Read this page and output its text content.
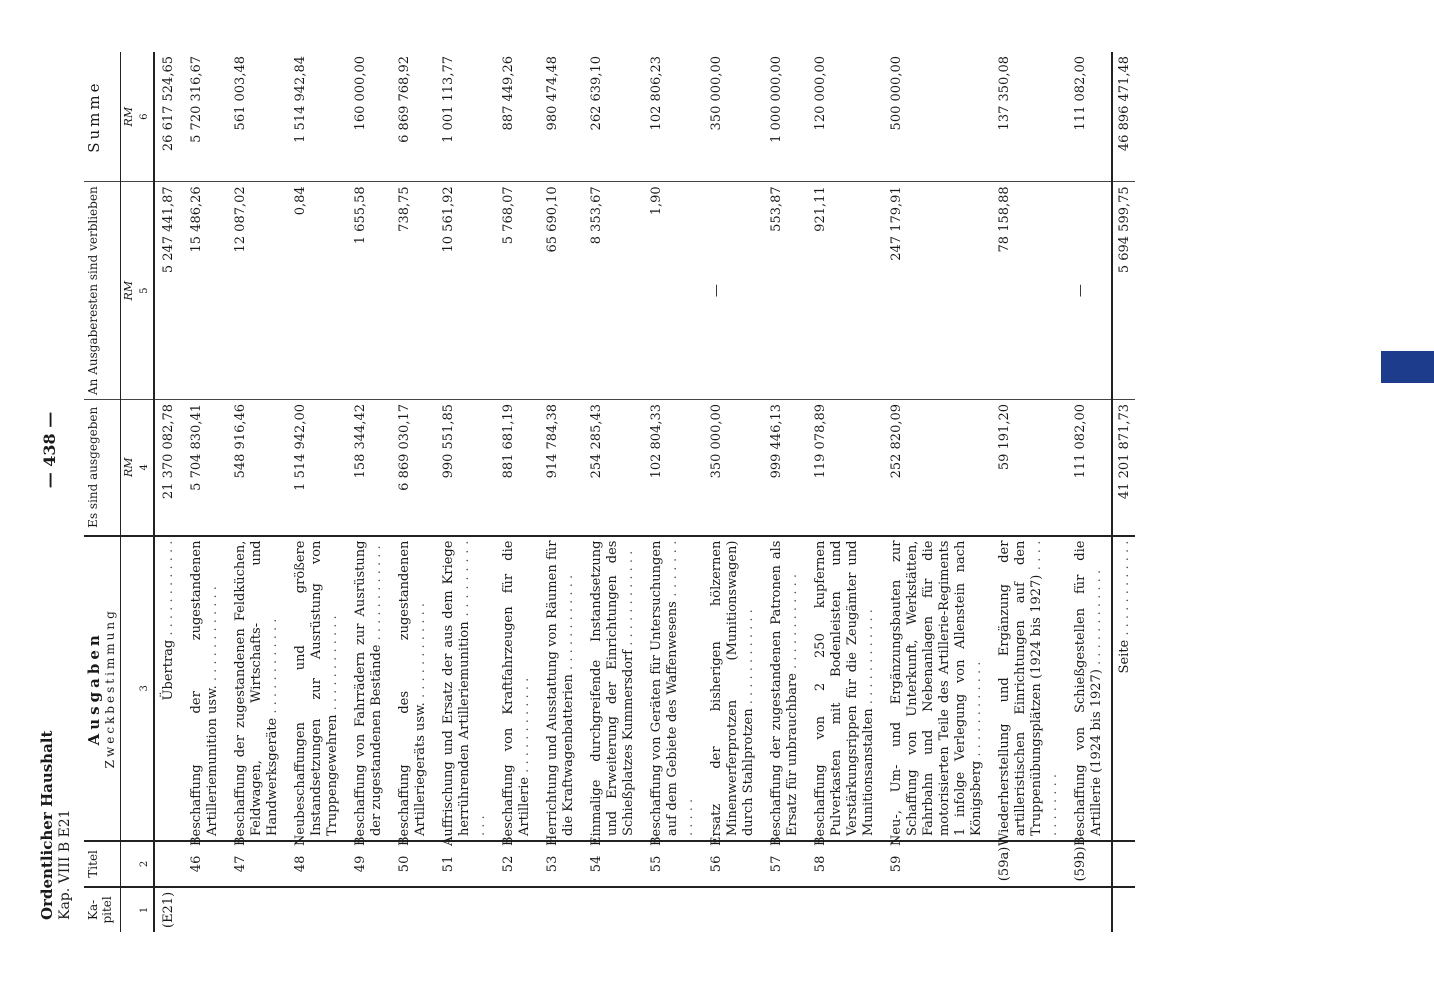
Ordentlicher Haushalt Kap. VIII B E21
— 438 —
Ka-pitel	Titel	Ausgaben Zweckbestimmung	Es sind ausgegeben	An Ausgaberesten sind verblieben	Summe
			RM	RM	RM
1	2	3	4	5	6
(E21)		Übertrag . . .	21 370 082,78	5 247 441,87	26 617 524,65
	46	Beschaffung der zugestandenen Artilleriemunition usw. . . .	5 704 830,41	15 486,26	5 720 316,67
	47	Beschaffung der zugestandenen Feldküchen, Feldwagen, Wirtschafts- und Handwerksgeräte . . .	548 916,46	12 087,02	561 003,48
	48	Neubeschaffungen und größere Instandsetzungen zur Ausrüstung von Truppengewehren . . .	1 514 942,00	0,84	1 514 942,84
	49	Beschaffung von Fahrrädern zur Ausrüstung der zugestandenen Bestände . . .	158 344,42	1 655,58	160 000,00
	50	Beschaffung des zugestandenen Artilleriegeräts usw. . . .	6 869 030,17	738,75	6 869 768,92
	51	Auffrischung und Ersatz der aus dem Kriege herrührenden Artilleriemunition . . .	990 551,85	10 561,92	1 001 113,77
	52	Beschaffung von Kraftfahrzeugen für die Artillerie . . .	881 681,19	5 768,07	887 449,26
	53	Herrichtung und Ausstattung von Räumen für die Kraftwagenbatterien . . .	914 784,38	65 690,10	980 474,48
	54	Einmalige durchgreifende Instandsetzung und Erweiterung der Einrichtungen des Schießplatzes Kummersdorf . . .	254 285,43	8 353,67	262 639,10
	55	Beschaffung von Geräten für Untersuchungen auf dem Gebiete des Waffenwesens . . .	102 804,33	1,90	102 806,23
	56	Ersatz der bisherigen hölzernen Minenwerferprotzen (Munitionswagen) durch Stahlprotzen . . .	350 000,00	—	350 000,00
	57	Beschaffung der zugestandenen Patronen als Ersatz für unbrauchbare . . .	999 446,13	553,87	1 000 000,00
	58	Beschaffung von 2 250 kupfernen Pulverkasten mit Bodenleisten und Verstärkungsrippen für die Zeugämter und Munitionsanstalten . . .	119 078,89	921,11	120 000,00
	59	Neu-, Um- und Ergänzungsbauten zur Schaffung von Unterkunft, Werkstätten, Fahrbahn und Nebenanlagen für die motorisierten Teile des Artillerie-Regiments 1 infolge Verlegung von Allenstein nach Königsberg . . .	252 820,09	247 179,91	500 000,00
	(59a)	Wiederherstellung und Ergänzung der artilleristischen Einrichtungen auf den Truppenübungsplätzen (1924 bis 1927) . . .	59 191,20	78 158,88	137 350,08
	(59b)	Beschaffung von Schießgestellen für die Artillerie (1924 bis 1927) . . .	111 082,00	—	111 082,00
		Seite . . .	41 201 871,73	5 694 599,75	46 896 471,48
